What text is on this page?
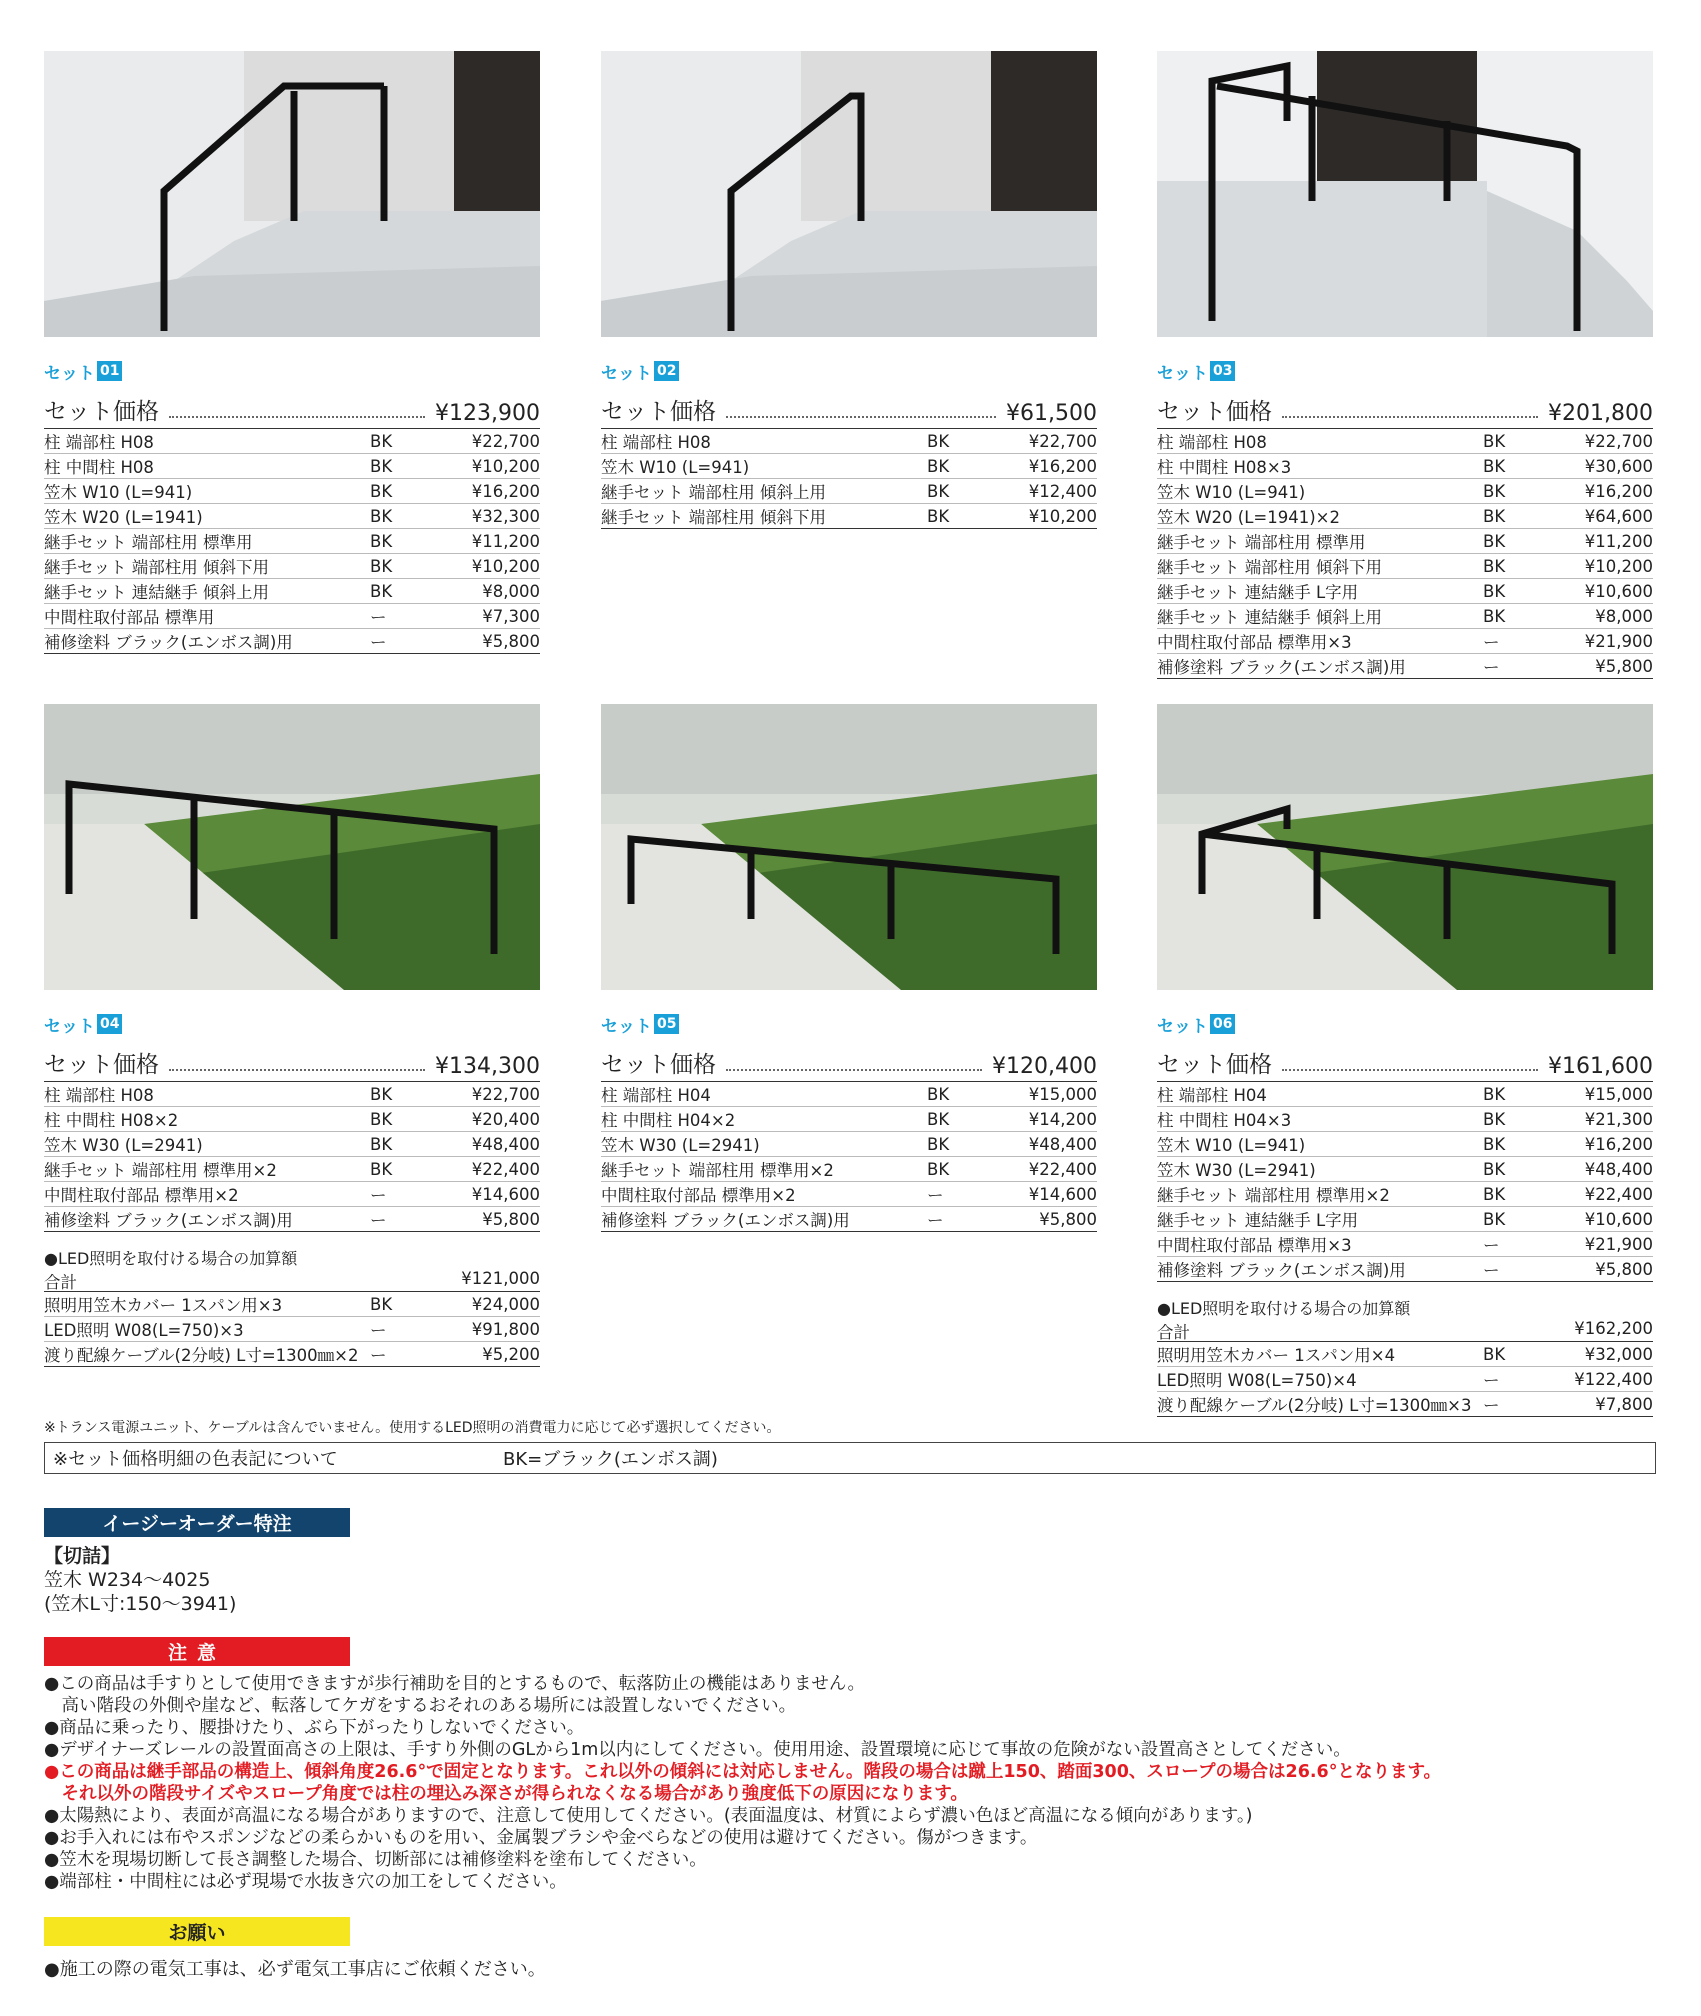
セット 01
セット価格	¥123,900
柱 端部柱 H08	BK	¥22,700
柱 中間柱 H08	BK	¥10,200
笠木 W10 (L=941)	BK	¥16,200
笠木 W20 (L=1941)	BK	¥32,300
継手セット 端部柱用 標準用	BK	¥11,200
継手セット 端部柱用 傾斜下用	BK	¥10,200
継手セット 連結継手 傾斜上用	BK	¥8,000
中間柱取付部品 標準用	ー	¥7,300
補修塗料 ブラック(エンボス調)用	ー	¥5,800
セット 02
セット価格	¥61,500
柱 端部柱 H08	BK	¥22,700
笠木 W10 (L=941)	BK	¥16,200
継手セット 端部柱用 傾斜上用	BK	¥12,400
継手セット 端部柱用 傾斜下用	BK	¥10,200
セット 03
セット価格	¥201,800
柱 端部柱 H08	BK	¥22,700
柱 中間柱 H08×3	BK	¥30,600
笠木 W10 (L=941)	BK	¥16,200
笠木 W20 (L=1941)×2	BK	¥64,600
継手セット 端部柱用 標準用	BK	¥11,200
継手セット 端部柱用 傾斜下用	BK	¥10,200
継手セット 連結継手 L字用	BK	¥10,600
継手セット 連結継手 傾斜上用	BK	¥8,000
中間柱取付部品 標準用×3	ー	¥21,900
補修塗料 ブラック(エンボス調)用	ー	¥5,800
セット 04
セット価格	¥134,300
柱 端部柱 H08	BK	¥22,700
柱 中間柱 H08×2	BK	¥20,400
笠木 W30 (L=2941)	BK	¥48,400
継手セット 端部柱用 標準用×2	BK	¥22,400
中間柱取付部品 標準用×2	ー	¥14,600
補修塗料 ブラック(エンボス調)用	ー	¥5,800
●LED照明を取付ける場合の加算額
合計	¥121,000
照明用笠木カバー 1スパン用×3	BK	¥24,000
LED照明 W08(L=750)×3	ー	¥91,800
渡り配線ケーブル(2分岐) L寸=1300㎜×2	ー	¥5,200
セット 05
セット価格	¥120,400
柱 端部柱 H04	BK	¥15,000
柱 中間柱 H04×2	BK	¥14,200
笠木 W30 (L=2941)	BK	¥48,400
継手セット 端部柱用 標準用×2	BK	¥22,400
中間柱取付部品 標準用×2	ー	¥14,600
補修塗料 ブラック(エンボス調)用	ー	¥5,800
セット 06
セット価格	¥161,600
柱 端部柱 H04	BK	¥15,000
柱 中間柱 H04×3	BK	¥21,300
笠木 W10 (L=941)	BK	¥16,200
笠木 W30 (L=2941)	BK	¥48,400
継手セット 端部柱用 標準用×2	BK	¥22,400
継手セット 連結継手 L字用	BK	¥10,600
中間柱取付部品 標準用×3	ー	¥21,900
補修塗料 ブラック(エンボス調)用	ー	¥5,800
●LED照明を取付ける場合の加算額
合計	¥162,200
照明用笠木カバー 1スパン用×4	BK	¥32,000
LED照明 W08(L=750)×4	ー	¥122,400
渡り配線ケーブル(2分岐) L寸=1300㎜×3	ー	¥7,800
※トランス電源ユニット、ケーブルは含んでいません。使用するLED照明の消費電力に応じて必ず選択してください。
※セット価格明細の色表記について	BK=ブラック(エンボス調)
イージーオーダー特注
【切詰】
笠木 W234～4025
(笠木L寸:150～3941)
注意
●この商品は手すりとして使用できますが歩行補助を目的とするもので、転落防止の機能はありません。
　高い階段の外側や崖など、転落してケガをするおそれのある場所には設置しないでください。
●商品に乗ったり、腰掛けたり、ぶら下がったりしないでください。
●デザイナーズレールの設置面高さの上限は、手すり外側のGLから1m以内にしてください。使用用途、設置環境に応じて事故の危険がない設置高さとしてください。
●この商品は継手部品の構造上、傾斜角度26.6°で固定となります。これ以外の傾斜には対応しません。階段の場合は蹴上150、踏面300、スロープの場合は26.6°となります。
　それ以外の階段サイズやスロープ角度では柱の埋込み深さが得られなくなる場合があり強度低下の原因になります。
●太陽熱により、表面が高温になる場合がありますので、注意して使用してください。(表面温度は、材質によらず濃い色ほど高温になる傾向があります。)
●お手入れには布やスポンジなどの柔らかいものを用い、金属製ブラシや金べらなどの使用は避けてください。傷がつきます。
●笠木を現場切断して長さ調整した場合、切断部には補修塗料を塗布してください。
●端部柱・中間柱には必ず現場で水抜き穴の加工をしてください。
お願い
●施工の際の電気工事は、必ず電気工事店にご依頼ください。
